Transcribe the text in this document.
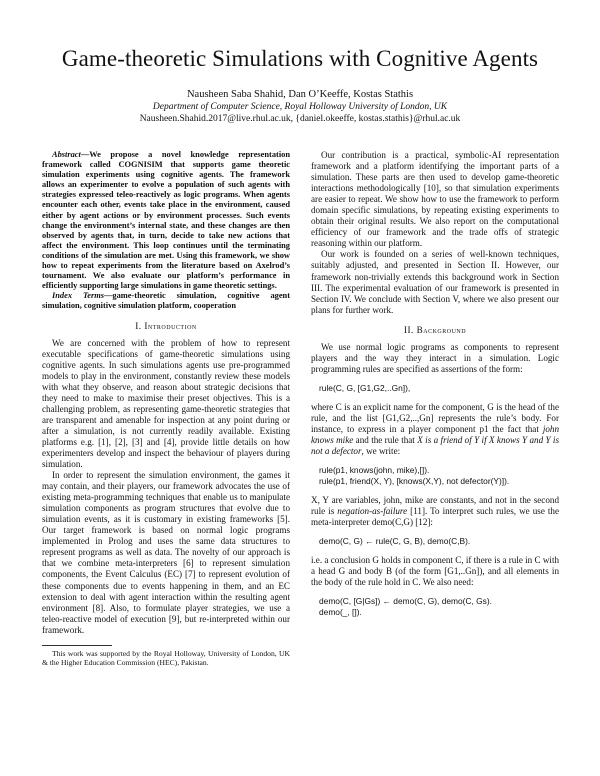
Game-theoretic Simulations with Cognitive Agents
Nausheen Saba Shahid, Dan O’Keeffe, Kostas Stathis
Department of Computer Science, Royal Holloway University of London, UK
Nausheen.Shahid.2017@live.rhul.ac.uk, {daniel.okeeffe, kostas.stathis}@rhul.ac.uk

Abstract—We propose a novel knowledge representation framework called COGNISIM that supports game theoretic simulation experiments using cognitive agents. The framework allows an experimenter to evolve a population of such agents with strategies expressed teleo-reactively as logic programs. When agents encounter each other, events take place in the environment, caused either by agent actions or by environment processes. Such events change the environment’s internal state, and these changes are then observed by agents that, in turn, decide to take new actions that affect the environment. This loop continues until the terminating conditions of the simulation are met. Using this framework, we show how to repeat experiments from the literature based on Axelrod’s tournament. We also evaluate our platform’s performance in efficiently supporting large simulations in game theoretic settings.

Index Terms—game-theoretic simulation, cognitive agent simulation, cognitive simulation platform, cooperation

I. Introduction

We are concerned with the problem of how to represent executable specifications of game-theoretic simulations using cognitive agents. In such simulations agents use pre-programmed models to play in the environment, constantly review these models with what they observe, and reason about strategic decisions that they need to make to maximise their preset objectives. This is a challenging problem, as representing game-theoretic strategies that are transparent and amenable for inspection at any point during or after a simulation, is not currently readily available. Existing platforms e.g. [1], [2], [3] and [4], provide little details on how experimenters develop and inspect the behaviour of players during simulation.

In order to represent the simulation environment, the games it may contain, and their players, our framework advocates the use of existing meta-programming techniques that enable us to manipulate simulation components as program structures that evolve due to simulation events, as it is customary in existing frameworks [5]. Our target framework is based on normal logic programs implemented in Prolog and uses the same data structures to represent programs as well as data. The novelty of our approach is that we combine meta-interpreters [6] to represent simulation components, the Event Calculus (EC) [7] to represent evolution of these components due to events happening in them, and an EC extension to deal with agent interaction within the resulting agent environment [8]. Also, to formulate player strategies, we use a teleo-reactive model of execution [9], but re-interpreted within our framework.

This work was supported by the Royal Holloway, University of London, UK & the Higher Education Commission (HEC), Pakistan.

Our contribution is a practical, symbolic-AI representation framework and a platform identifying the important parts of a simulation. These parts are then used to develop game-theoretic interactions methodologically [10], so that simulation experiments are easier to repeat. We show how to use the framework to perform domain specific simulations, by repeating existing experiments to obtain their original results. We also report on the computational efficiency of our framework and the trade offs of strategic reasoning within our platform.

Our work is founded on a series of well-known techniques, suitably adjusted, and presented in Section II. However, our framework non-trivially extends this background work in Section III. The experimental evaluation of our framework is presented in Section IV. We conclude with Section V, where we also present our plans for further work.

II. Background

We use normal logic programs as components to represent players and the way they interact in a simulation. Logic programming rules are specified as assertions of the form:

rule(C, G, [G1,G2,..Gn]),

where C is an explicit name for the component, G is the head of the rule, and the list [G1,G2,..,Gn] represents the rule’s body. For instance, to express in a player component p1 the fact that john knows mike and the rule that X is a friend of Y if X knows Y and Y is not a defector, we write:

rule(p1, knows(john, mike),[]).
rule(p1, friend(X, Y), [knows(X,Y), not defector(Y)]).

X, Y are variables, john, mike are constants, and not in the second rule is negation-as-failure [11]. To interpret such rules, we use the meta-interpreter demo(C,G) [12]:

demo(C, G) ← rule(C, G, B), demo(C,B).

i.e. a conclusion G holds in component C, if there is a rule in C with a head G and body B (of the form [G1,..Gn]), and all elements in the body of the rule hold in C. We also need:

demo(C, [G|Gs]) ← demo(C, G), demo(C, Gs).
demo(_, []).
